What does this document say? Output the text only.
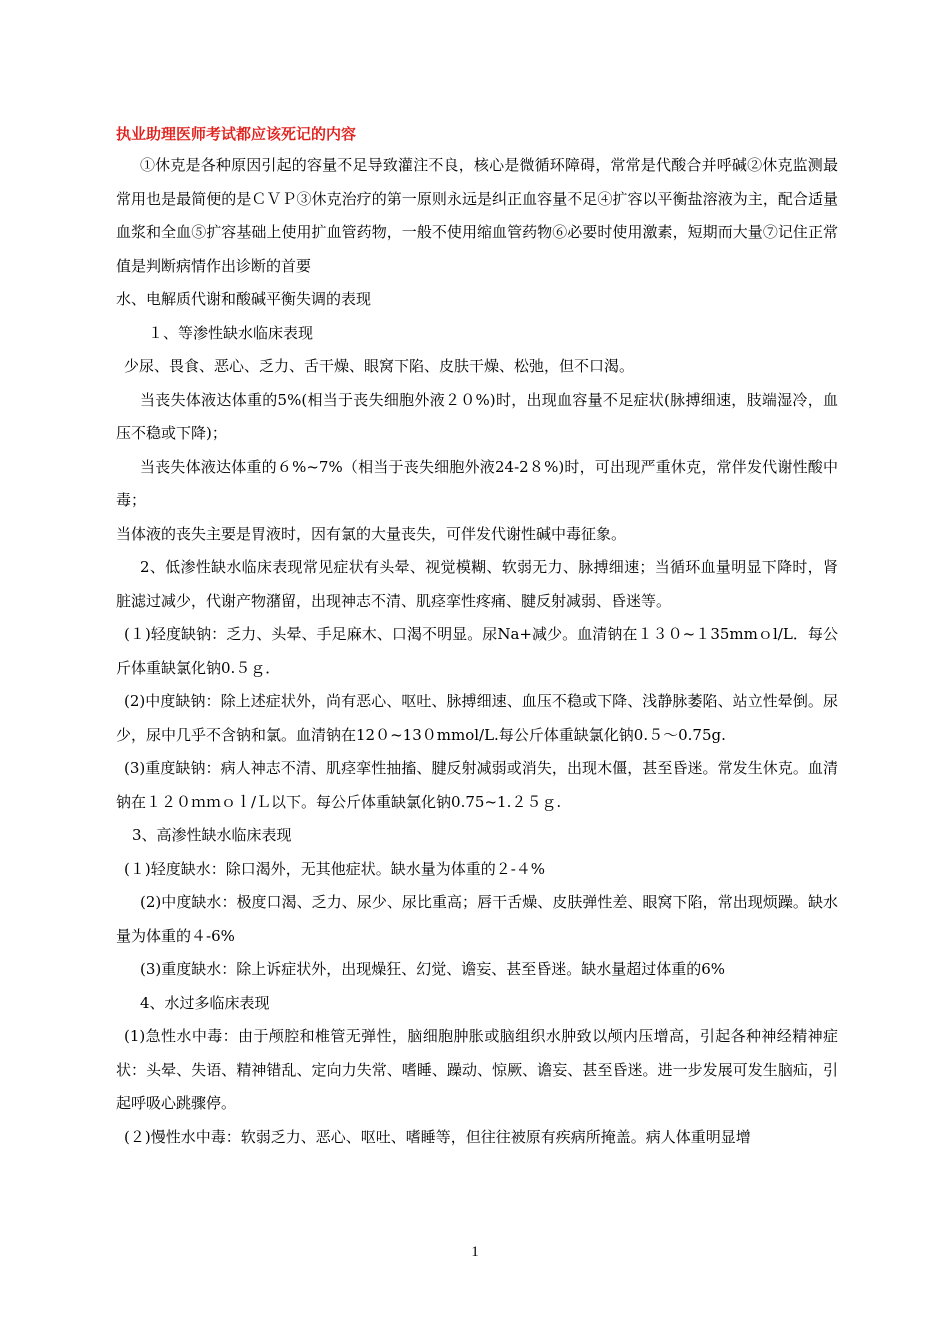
执业助理医师考试都应该死记的内容

①休克是各种原因引起的容量不足导致灌注不良，核心是微循环障碍，常常是代酸合并呼碱②休克监测最常用也是最简便的是ＣＶＰ③休克治疗的第一原则永远是纠正血容量不足④扩容以平衡盐溶液为主，配合适量血浆和全血⑤扩容基础上使用扩血管药物，一般不使用缩血管药物⑥必要时使用激素，短期而大量⑦记住正常值是判断病情作出诊断的首要

水、电解质代谢和酸碱平衡失调的表现

１、等渗性缺水临床表现

少尿、畏食、恶心、乏力、舌干燥、眼窝下陷、皮肤干燥、松弛，但不口渴。

当丧失体液达体重的5%(相当于丧失细胞外液２０%)时，出现血容量不足症状(脉搏细速，肢端湿冷，血压不稳或下降)；

当丧失体液达体重的６%~7%（相当于丧失细胞外液24-2８%)时，可出现严重休克，常伴发代谢性酸中毒；

当体液的丧失主要是胃液时，因有氯的大量丧失，可伴发代谢性碱中毒征象。

2、低渗性缺水临床表现常见症状有头晕、视觉模糊、软弱无力、脉搏细速；当循环血量明显下降时，肾脏滤过减少，代谢产物潴留，出现神志不清、肌痉挛性疼痛、腱反射减弱、昏迷等。

(１)轻度缺钠：乏力、头晕、手足麻木、口渴不明显。尿Na+减少。血清钠在１３０~１35mmｏl/L．每公斤体重缺氯化钠0.５ｇ．

(2)中度缺钠：除上述症状外，尚有恶心、呕吐、脉搏细速、血压不稳或下降、浅静脉萎陷、站立性晕倒。尿少，尿中几乎不含钠和氯。血清钠在12０~13０mmol/L.每公斤体重缺氯化钠0.５～0.75g.

(3)重度缺钠：病人神志不清、肌痉挛性抽搐、腱反射减弱或消失，出现木僵，甚至昏迷。常发生休克。血清钠在１２０ｍｍｏｌ/Ｌ以下。每公斤体重缺氯化钠0.75~1.２５ｇ.

3、高渗性缺水临床表现

(１)轻度缺水：除口渴外，无其他症状。缺水量为体重的２-４%

(2)中度缺水：极度口渴、乏力、尿少、尿比重高；唇干舌燥、皮肤弹性差、眼窝下陷，常出现烦躁。缺水量为体重的４-6%

(3)重度缺水：除上诉症状外，出现燥狂、幻觉、谵妄、甚至昏迷。缺水量超过体重的6%

4、水过多临床表现

(1)急性水中毒：由于颅腔和椎管无弹性，脑细胞肿胀或脑组织水肿致以颅内压增高，引起各种神经精神症状：头晕、失语、精神错乱、定向力失常、嗜睡、躁动、惊厥、谵妄、甚至昏迷。进一步发展可发生脑疝，引起呼吸心跳骤停。

(２)慢性水中毒：软弱乏力、恶心、呕吐、嗜睡等，但往往被原有疾病所掩盖。病人体重明显增

1
